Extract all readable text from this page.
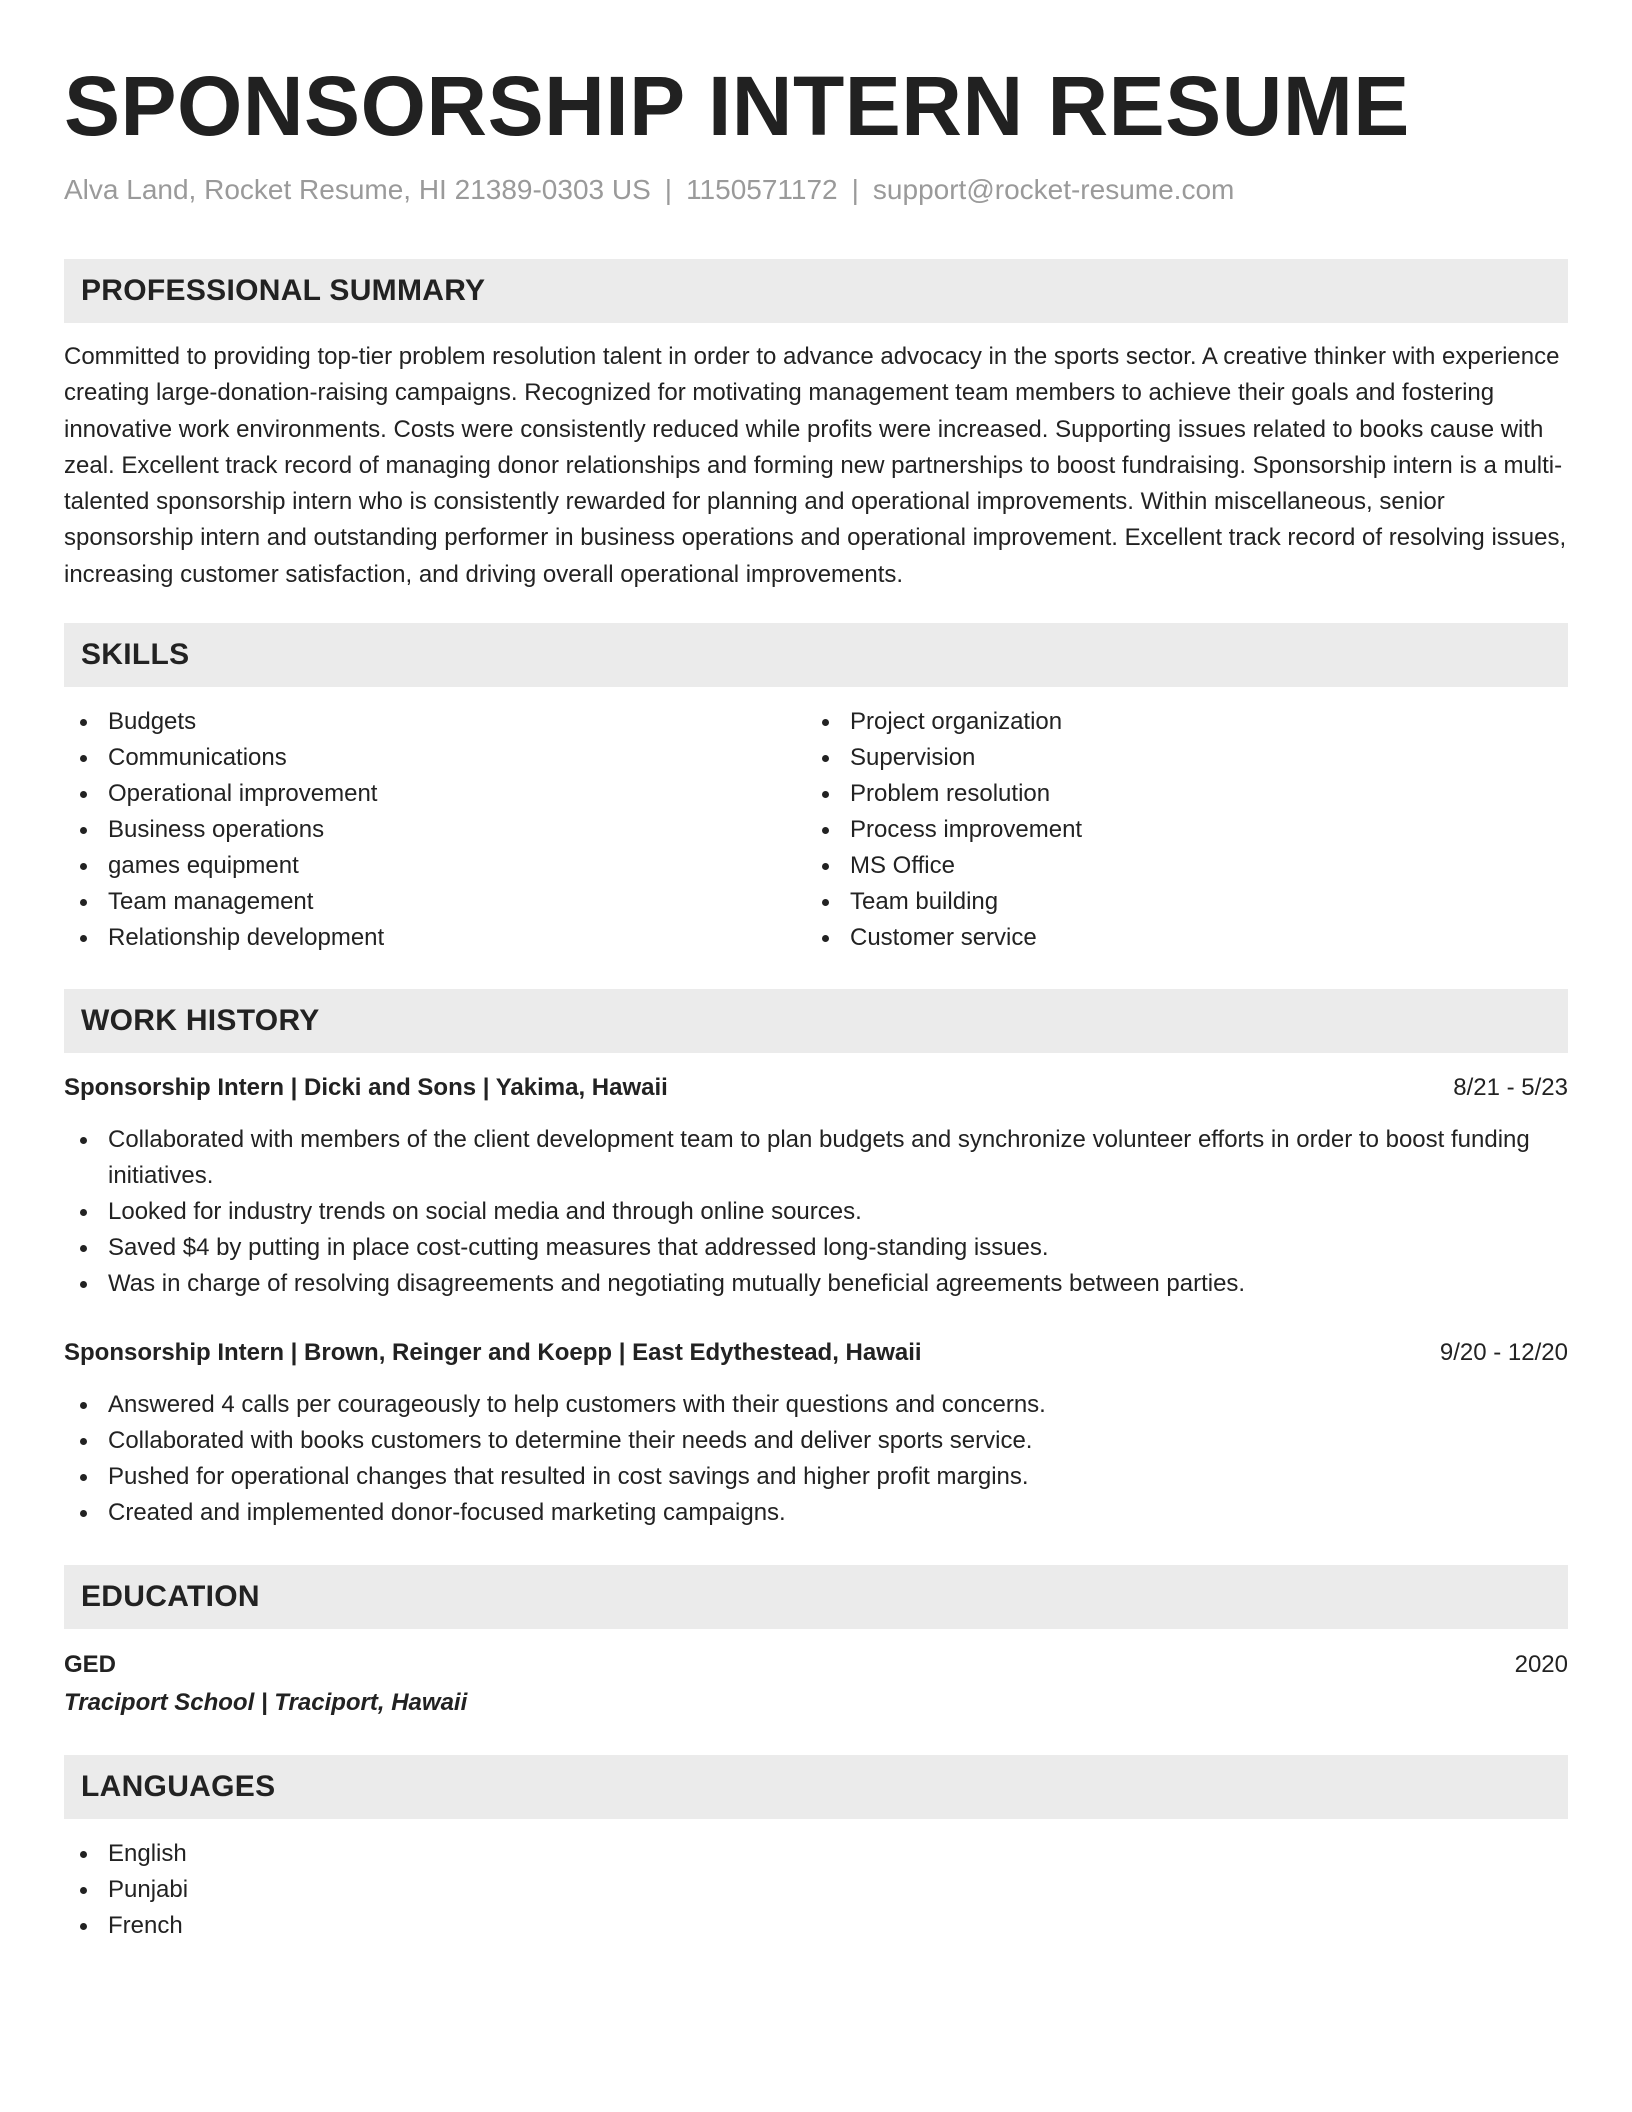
SPONSORSHIP INTERN RESUME
Alva Land, Rocket Resume, HI 21389-0303 US | 1150571172 | support@rocket-resume.com
PROFESSIONAL SUMMARY

Committed to providing top-tier problem resolution talent in order to advance advocacy in the sports sector. A creative thinker with experience creating large-donation-raising campaigns. Recognized for motivating management team members to achieve their goals and fostering innovative work environments. Costs were consistently reduced while profits were increased. Supporting issues related to books cause with zeal. Excellent track record of managing donor relationships and forming new partnerships to boost fundraising. Sponsorship intern is a multi-talented sponsorship intern who is consistently rewarded for planning and operational improvements. Within miscellaneous, senior sponsorship intern and outstanding performer in business operations and operational improvement. Excellent track record of resolving issues, increasing customer satisfaction, and driving overall operational improvements.

SKILLS
Budgets
Communications
Operational improvement
Business operations
games equipment
Team management
Relationship development
Project organization
Supervision
Problem resolution
Process improvement
MS Office
Team building
Customer service
WORK HISTORY
Sponsorship Intern | Dicki and Sons | Yakima, Hawaii	8/21 - 5/23
Collaborated with members of the client development team to plan budgets and synchronize volunteer efforts in order to boost funding initiatives.
Looked for industry trends on social media and through online sources.
Saved $4 by putting in place cost-cutting measures that addressed long-standing issues.
Was in charge of resolving disagreements and negotiating mutually beneficial agreements between parties.
Sponsorship Intern | Brown, Reinger and Koepp | East Edythestead, Hawaii	9/20 - 12/20
Answered 4 calls per courageously to help customers with their questions and concerns.
Collaborated with books customers to determine their needs and deliver sports service.
Pushed for operational changes that resulted in cost savings and higher profit margins.
Created and implemented donor-focused marketing campaigns.
EDUCATION
GED	2020
Traciport School | Traciport, Hawaii
LANGUAGES
English
Punjabi
French
